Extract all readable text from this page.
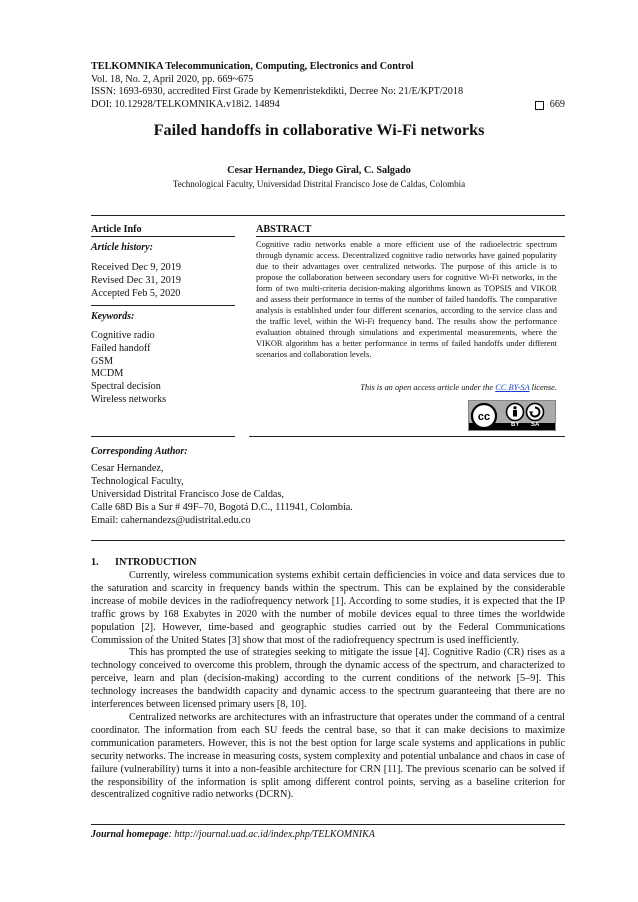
TELKOMNIKA Telecommunication, Computing, Electronics and Control
Vol. 18, No. 2, April 2020, pp. 669~675
ISSN: 1693-6930, accredited First Grade by Kemenristekdikti, Decree No: 21/E/KPT/2018
DOI: 10.12928/TELKOMNIKA.v18i2. 14894	669
Failed handoffs in collaborative Wi-Fi networks
Cesar Hernandez, Diego Giral, C. Salgado
Technological Faculty, Universidad Distrital Francisco Jose de Caldas, Colombia
Article Info
Article history:
Received Dec 9, 2019
Revised Dec 31, 2019
Accepted Feb 5, 2020
Keywords:
Cognitive radio
Failed handoff
GSM
MCDM
Spectral decision
Wireless networks
ABSTRACT
Cognitive radio networks enable a more efficient use of the radioelectric spectrum through dynamic access. Decentralized cognitive radio networks have gained popularity due to their advantages over centralized networks. The purpose of this article is to propose the collaboration between secondary users for cognitive Wi-Fi networks, in the form of two multi-criteria decision-making algorithms known as TOPSIS and VIKOR and assess their performance in terms of the number of failed handoffs. The comparative analysis is established under four different scenarios, according to the service class and the traffic level, within the Wi-Fi frequency band. The results show the performance evaluation obtained through simulations and experimental measurements, where the VIKOR algorithm has a better performance in terms of failed handoffs under different scenarios and collaboration levels.
This is an open access article under the CC BY-SA license.
cc
BY SA
Corresponding Author:
Cesar Hernandez,
Technological Faculty,
Universidad Distrital Francisco Jose de Caldas,
Calle 68D Bis a Sur # 49F–70, Bogotá D.C., 111941, Colombia.
Email: cahernandezs@udistrital.edu.co
1. INTRODUCTION

Currently, wireless communication systems exhibit certain defficiencies in voice and data services due to the saturation and scarcity in frequency bands within the spectrum. This can be explained by the considerable increase of mobile devices in the radiofrequency network [1]. According to some studies, it is expected that the IP traffic grows by 168 Exabytes in 2020 with the number of mobile devices equal to three times the worldwide population [2]. However, time-based and geographic studies carried out by the Federal Communications Commission of the United States [3] show that most of the radiofrequency spectrum is used inefficiently.

This has prompted the use of strategies seeking to mitigate the issue [4]. Cognitive Radio (CR) rises as a technology conceived to overcome this problem, through the dynamic access of the spectrum, and characterized to perceive, learn and plan (decision-making) according to the current conditions of the network [5–9]. This technology increases the bandwidth capacity and dynamic access to the spectrum guaranteeing that there are no interferences between licensed primary users [8, 10].

Centralized networks are architectures with an infrastructure that operates under the command of a central coordinator. The information from each SU feeds the central base, so that it can make decisions to maximize communication parameters. However, this is not the best option for large scale systems and applications in public security networks. The increase in measuring costs, system complexity and potential unbalance and chaos in case of failure (vulnerability) turns it into a non-feasible architecture for CRN [11]. The previous scenario can be solved if the responsibility of the information is split among different control points, serving as a baseline criterion for descentralized cognitive radio networks (DCRN).

Journal homepage: http://journal.uad.ac.id/index.php/TELKOMNIKA
